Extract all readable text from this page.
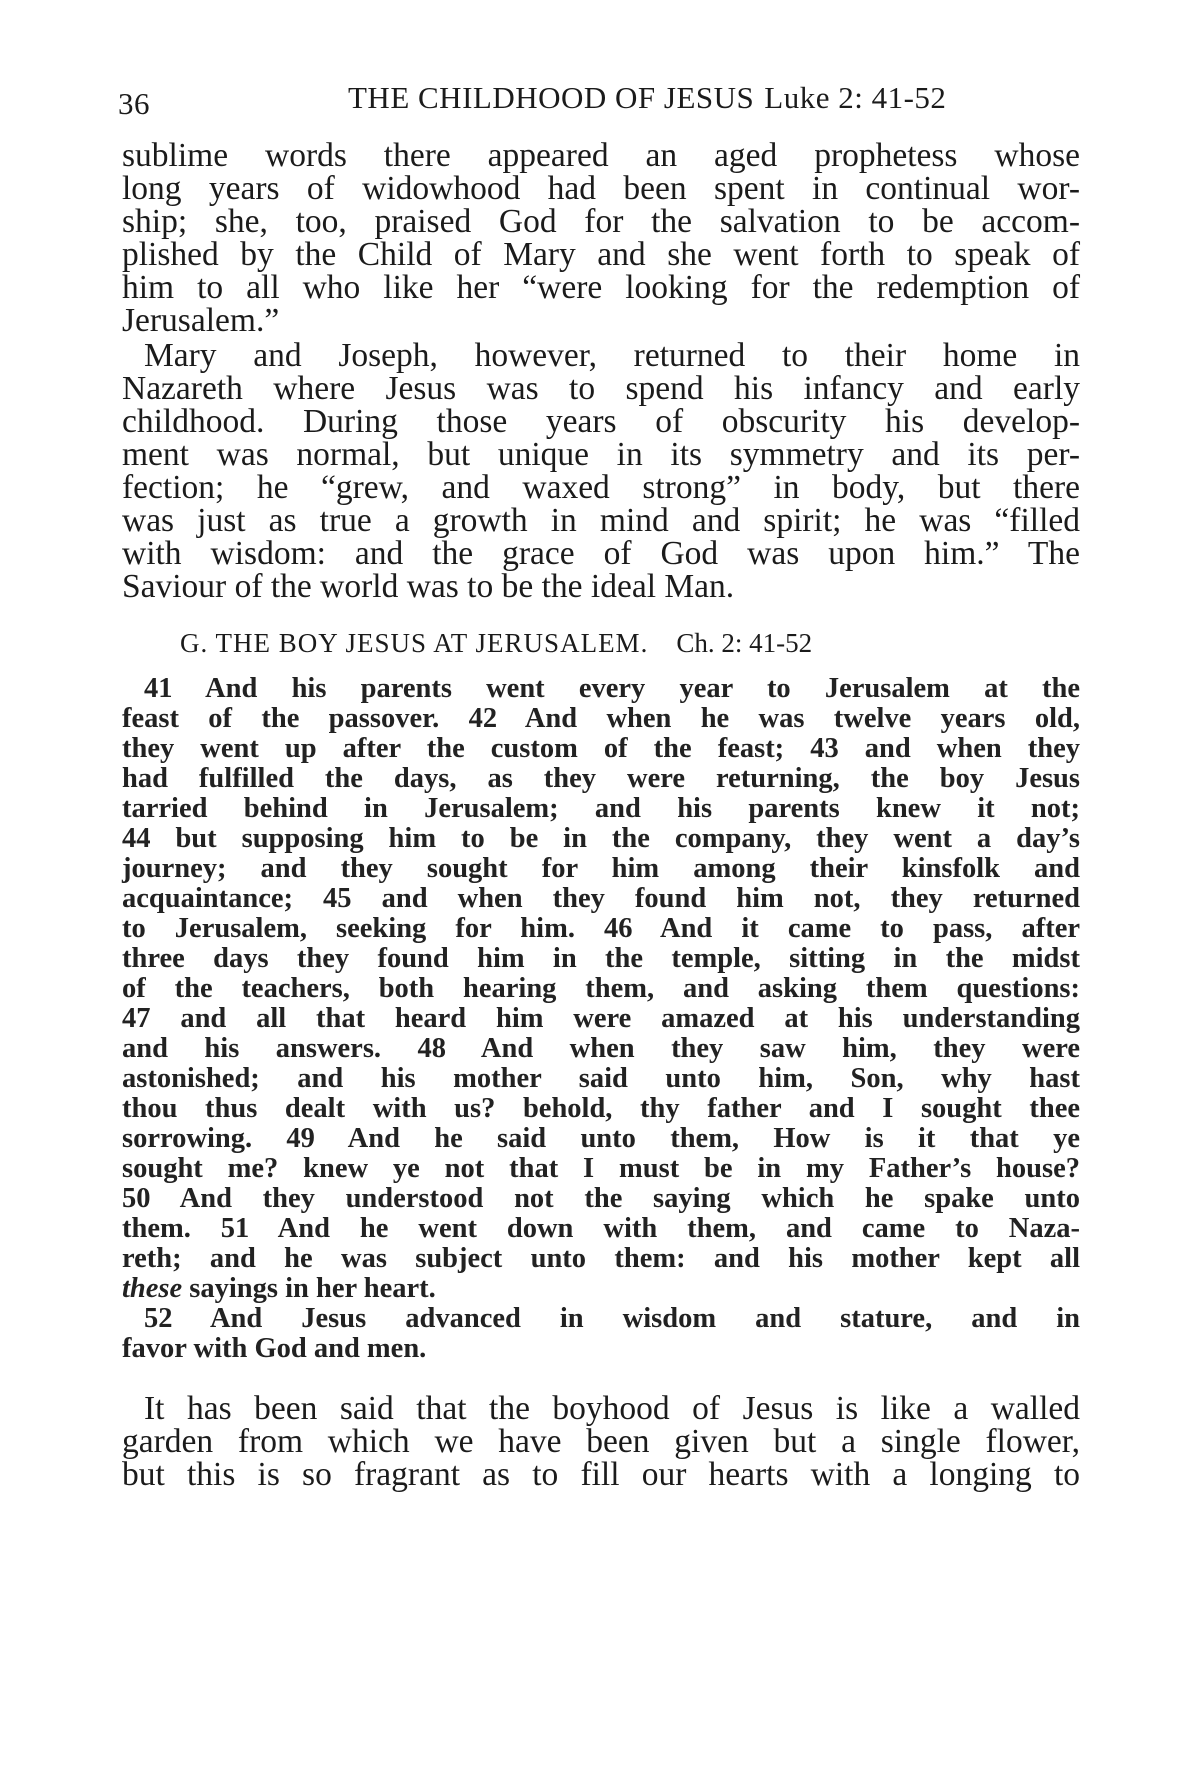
36	THE CHILDHOOD OF JESUS Luke 2: 41-52
sublime words there appeared an aged prophetess whose
long years of widowhood had been spent in continual wor-
ship; she, too, praised God for the salvation to be accom-
plished by the Child of Mary and she went forth to speak of
him to all who like her “were looking for the redemption of
Jerusalem.”
Mary and Joseph, however, returned to their home in
Nazareth where Jesus was to spend his infancy and early
childhood. During those years of obscurity his develop-
ment was normal, but unique in its symmetry and its per-
fection; he “grew, and waxed strong” in body, but there
was just as true a growth in mind and spirit; he was “filled
with wisdom: and the grace of God was upon him.” The
Saviour of the world was to be the ideal Man.
G. THE BOY JESUS AT JERUSALEM. Ch. 2: 41-52
41 And his parents went every year to Jerusalem at the
feast of the passover. 42 And when he was twelve years old,
they went up after the custom of the feast; 43 and when they
had fulfilled the days, as they were returning, the boy Jesus
tarried behind in Jerusalem; and his parents knew it not;
44 but supposing him to be in the company, they went a day’s
journey; and they sought for him among their kinsfolk and
acquaintance; 45 and when they found him not, they returned
to Jerusalem, seeking for him. 46 And it came to pass, after
three days they found him in the temple, sitting in the midst
of the teachers, both hearing them, and asking them questions:
47 and all that heard him were amazed at his understanding
and his answers. 48 And when they saw him, they were
astonished; and his mother said unto him, Son, why hast
thou thus dealt with us? behold, thy father and I sought thee
sorrowing. 49 And he said unto them, How is it that ye
sought me? knew ye not that I must be in my Father’s house?
50 And they understood not the saying which he spake unto
them. 51 And he went down with them, and came to Naza-
reth; and he was subject unto them: and his mother kept all
these sayings in her heart.
52 And Jesus advanced in wisdom and stature, and in
favor with God and men.
It has been said that the boyhood of Jesus is like a walled
garden from which we have been given but a single flower,
but this is so fragrant as to fill our hearts with a longing to
